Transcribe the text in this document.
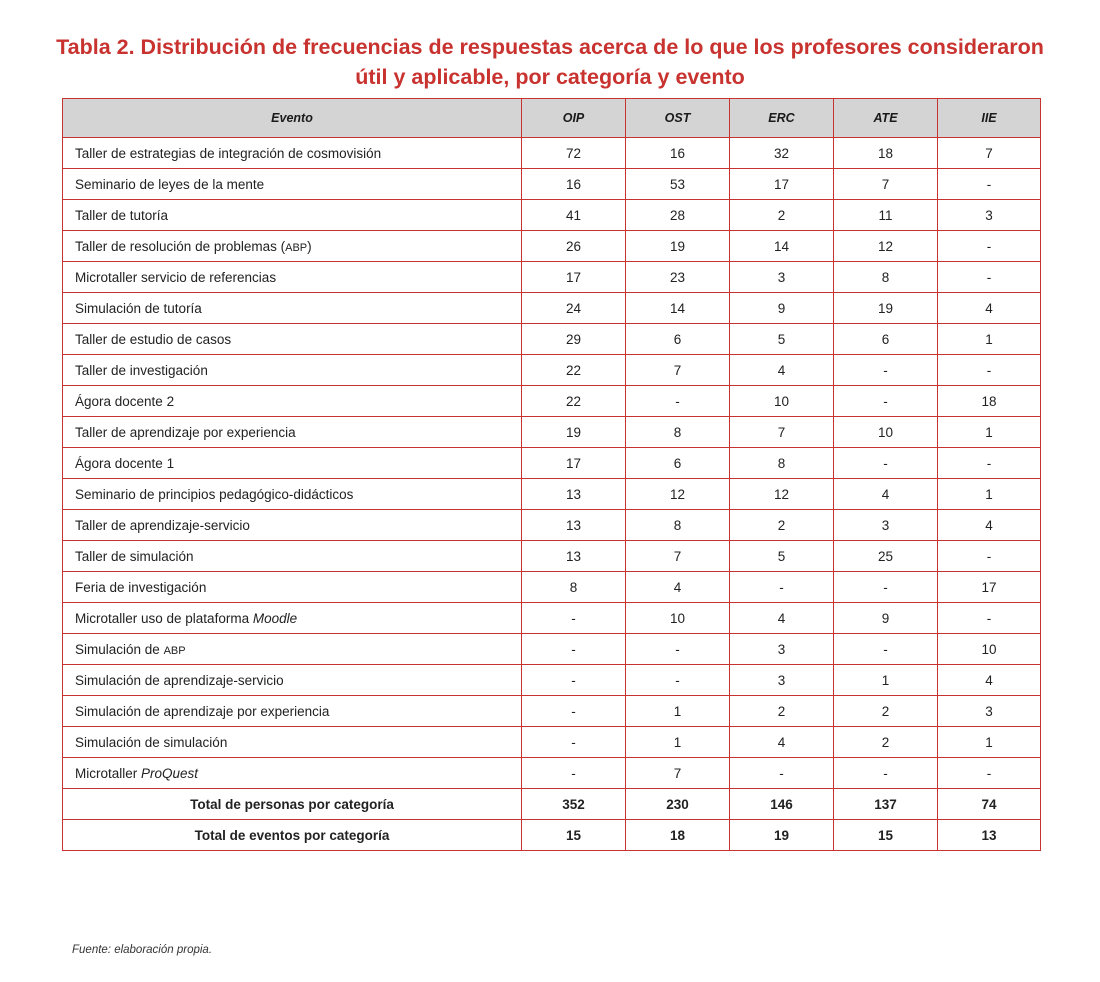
Tabla 2. Distribución de frecuencias de respuestas acerca de lo que los profesores consideraron
útil y aplicable, por categoría y evento
Evento	OIP	OST	ERC	ATE	IIE
Taller de estrategias de integración de cosmovisión	72	16	32	18	7
Seminario de leyes de la mente	16	53	17	7	-
Taller de tutoría	41	28	2	11	3
Taller de resolución de problemas (ABP)	26	19	14	12	-
Microtaller servicio de referencias	17	23	3	8	-
Simulación de tutoría	24	14	9	19	4
Taller de estudio de casos	29	6	5	6	1
Taller de investigación	22	7	4	-	-
Ágora docente 2	22	-	10	-	18
Taller de aprendizaje por experiencia	19	8	7	10	1
Ágora docente 1	17	6	8	-	-
Seminario de principios pedagógico-didácticos	13	12	12	4	1
Taller de aprendizaje-servicio	13	8	2	3	4
Taller de simulación	13	7	5	25	-
Feria de investigación	8	4	-	-	17
Microtaller uso de plataforma Moodle	-	10	4	9	-
Simulación de ABP	-	-	3	-	10
Simulación de aprendizaje-servicio	-	-	3	1	4
Simulación de aprendizaje por experiencia	-	1	2	2	3
Simulación de simulación	-	1	4	2	1
Microtaller ProQuest	-	7	-	-	-
Total de personas por categoría	352	230	146	137	74
Total de eventos por categoría	15	18	19	15	13
Fuente: elaboración propia.
